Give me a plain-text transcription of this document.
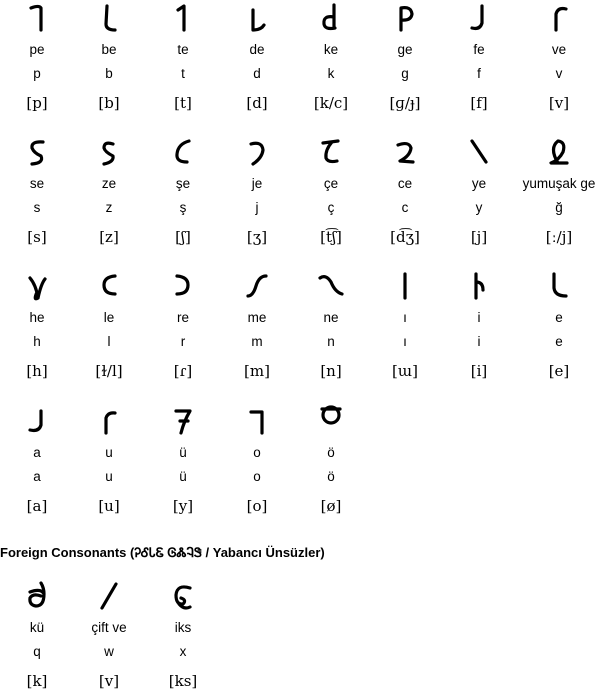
pe
p
[p]
be
b
[b]
te
t
[t]
de
d
[d]
ke
k
[k/c]
ge
g
[ɡ/ɟ]
fe
f
[f]
ve
v
[v]
se
s
[s]
ze
z
[z]
şe
ş
[ʃ]
je
j
[ʒ]
çe
ç
[t͡ʃ]
ce
c
[d͡ʒ]
ye
y
[j]
yumuşak ge
ğ
[ː/j]
he
h
[h]
le
l
[ɫ/l]
re
r
[ɾ]
me
m
[m]
ne
n
[n]
ı
ı
[ɯ]
i
i
[i]
e
e
[e]
a
a
[a]
u
u
[u]
ü
ü
[y]
o
o
[o]
ö
ö
[ø]
Foreign Consonants (ᎮᎴᏓᏋ ᎶᏜᎸᏕ / Yabancı Ünsüzler)
kü
q
[k]
çift ve
w
[v]
iks
x
[ks]
